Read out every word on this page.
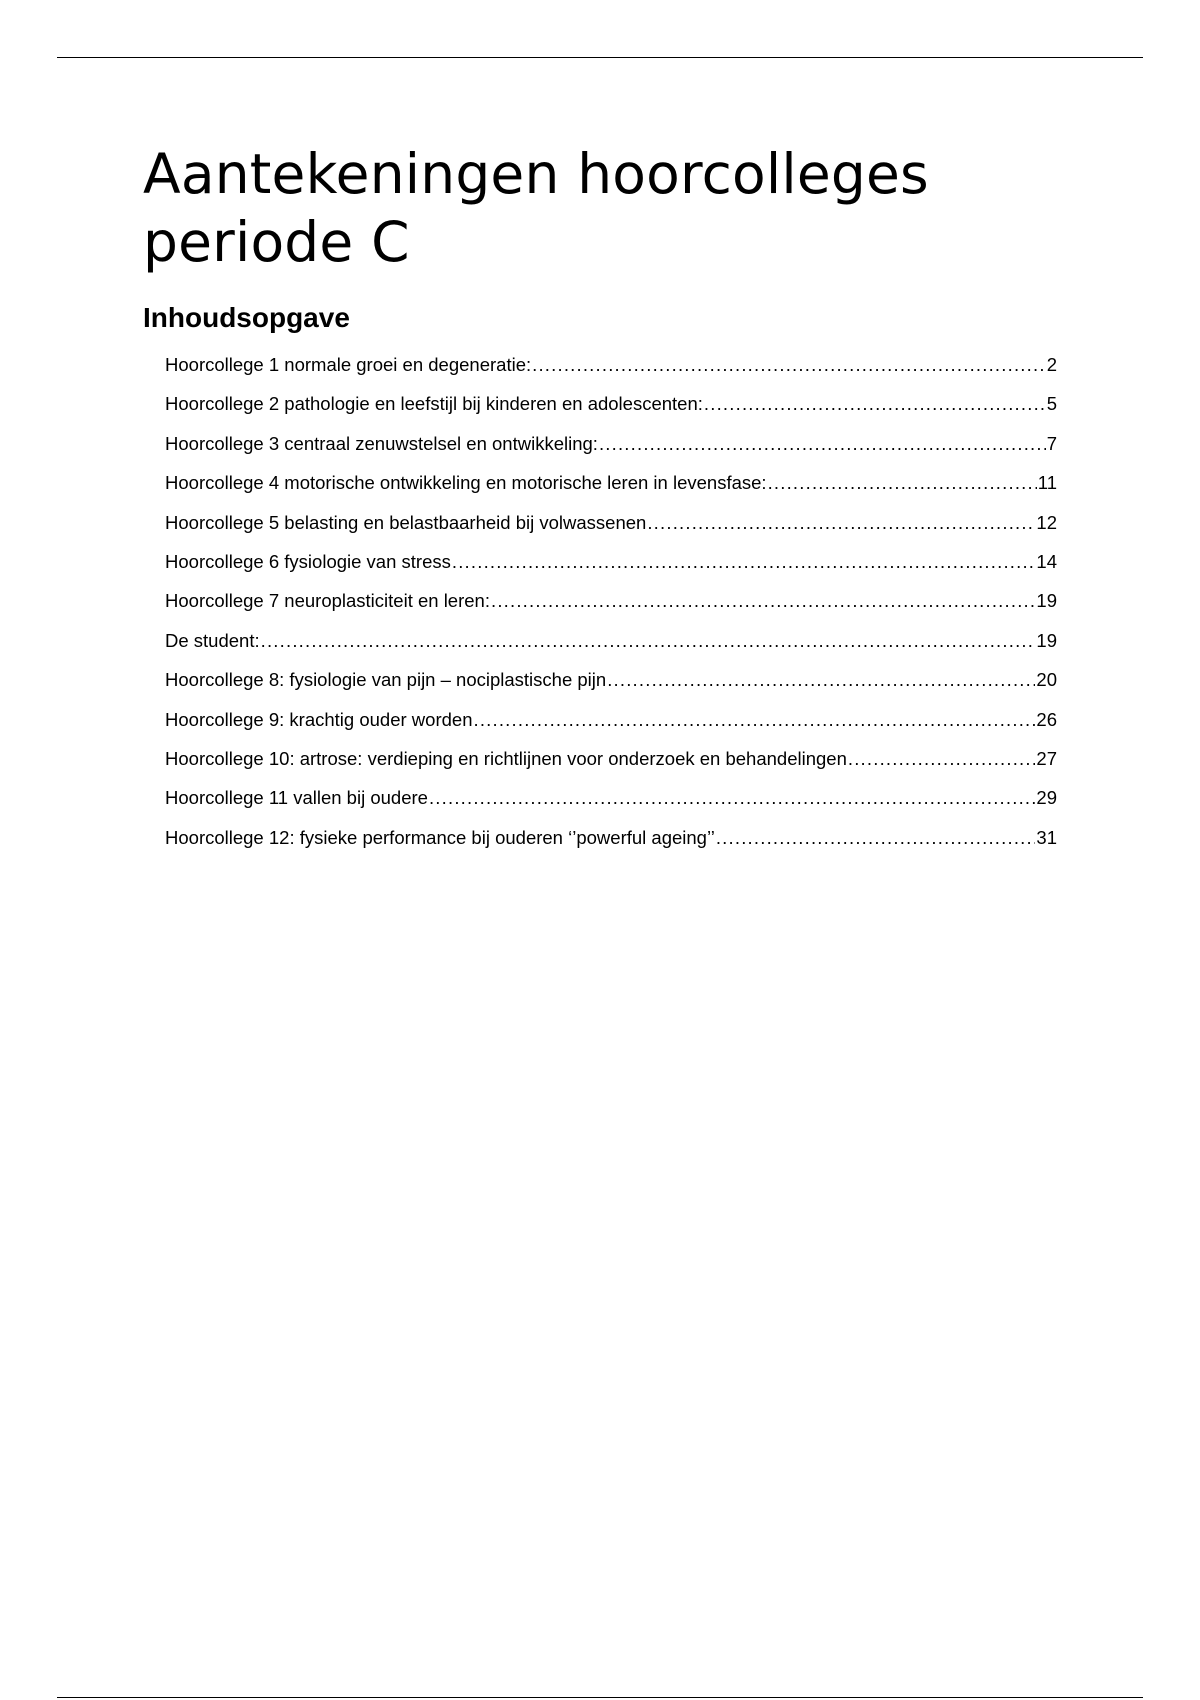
Aantekeningen hoorcolleges
periode C
Inhoudsopgave
Hoorcollege 1 normale groei en degeneratie: .....	2
Hoorcollege 2 pathologie en leefstijl bij kinderen en adolescenten: .....	5
Hoorcollege 3 centraal zenuwstelsel en ontwikkeling: .....	7
Hoorcollege 4 motorische ontwikkeling en motorische leren in levensfase: .....	11
Hoorcollege 5 belasting en belastbaarheid bij volwassenen .....	12
Hoorcollege 6 fysiologie van stress .....	14
Hoorcollege 7 neuroplasticiteit en leren: .....	19
De student: .....	19
Hoorcollege 8: fysiologie van pijn – nociplastische pijn .....	20
Hoorcollege 9: krachtig ouder worden .....	26
Hoorcollege 10: artrose: verdieping en richtlijnen voor onderzoek en behandelingen .....	27
Hoorcollege 11 vallen bij oudere .....	29
Hoorcollege 12: fysieke performance bij ouderen ‘’powerful ageing’’ .....	31
